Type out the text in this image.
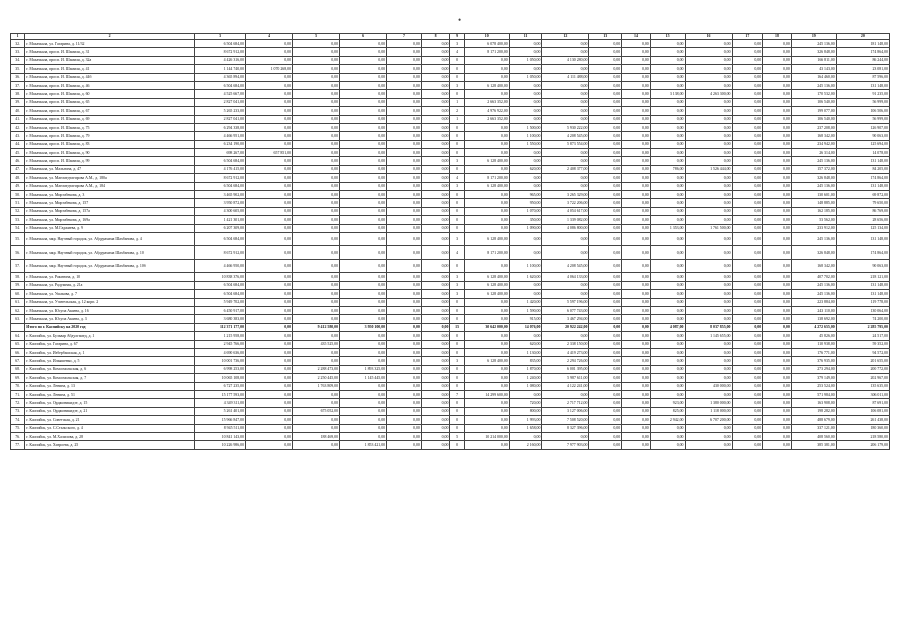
•
1	2	3	4	5	6	7	8	9	10	11	12	13	14	15	16	17	18	19	20
32.	г. Махачкала, ул. Гагарина, д. 11/32	6 504 684,00	0,00	0,00	0,00	0,00	0,00	3	6 078 400,00	0,00	0,00	0,00	0,00	0,00	0,00	0,00	0,00	245 136,00	181 148,00
33.	г. Махачкала, просп. И. Шамиля, д. 31	8 672 912,00	0,00	0,00	0,00	0,00	0,00	4	8 171 200,00	0,00	0,00	0,00	0,00	0,00	0,00	0,00	0,00	326 848,00	174 864,00
34.	г. Махачкала, просп. И. Шамиля, д. 32а	4 426 316,00	0,00	0,00	0,00	0,00	0,00	0	0,00	1 050,00	4 130 280,00	0,00	0,00	0,00	0,00	0,00	0,00	166 811,00	86 244,00
35.	г. Махачкала, просп. И. Шамиля, д. 41	1 144 740,00	1 070 268,00	0,00	0,00	0,00	0,00	0	0,00	0,00	0,00	0,00	0,00	0,00	0,00	0,00	0,00	43 143,00	23 081,00
36.	г. Махачкала, просп. И. Шамиля, д. 44б	4 365 894,00	0,00	0,00	0,00	0,00	0,00	0	0,00	1 050,00	4 111 488,00	0,00	0,00	0,00	0,00	0,00	0,00	164 460,00	87 596,00
37.	г. Махачкала, просп. И. Шамиля, д. 46	6 504 684,00	0,00	0,00	0,00	0,00	0,00	3	6 128 400,00	0,00	0,00	0,00	0,00	0,00	0,00	0,00	0,00	245 136,00	131 148,00
38.	г. Махачкала, просп. И. Шамиля, д. 60	4 525 667,00	0,00	0,00	0,00	0,00	0,00	0	0,00	0,00	0,00	0,00	0,00	3 138,00	4 263 300,00	0,00	0,00	170 532,00	91 235,00
39.	г. Махачкала, просп. И. Шамиля, д. 65	2 827 041,00	0,00	0,00	0,00	0,00	0,00	1	2 663 352,00	0,00	0,00	0,00	0,00	0,00	0,00	0,00	0,00	106 540,00	56 999,00
40.	г. Махачкала, просп. И. Шамиля, д. 67	5 265 233,00	0,00	0,00	0,00	0,00	0,00	2	4 976 922,00	0,00	0,00	0,00	0,00	0,00	0,00	0,00	0,00	199 077,00	106 506,00
41.	г. Махачкала, просп. И. Шамиля, д. 69	2 827 041,00	0,00	0,00	0,00	0,00	0,00	1	2 663 352,00	0,00	0,00	0,00	0,00	0,00	0,00	0,00	0,00	106 540,00	56 999,00
42.	г. Махачкала, просп. И. Шамиля, д. 75	6 294 338,00	0,00	0,00	0,00	0,00	0,00	0	0,00	1 500,00	5 930 222,00	0,00	0,00	0,00	0,00	0,00	0,00	237 208,00	126 907,00
43.	г. Махачкала, просп. И. Шамиля, д. 79	4 466 951,00	0,00	0,00	0,00	0,00	0,00	0	0,00	1 100,00	4 208 545,00	0,00	0,00	0,00	0,00	0,00	0,00	168 342,00	90 063,00
44.	г. Махачкала, просп. И. Шамиля, д. 83	6 234 190,00	0,00	0,00	0,00	0,00	0,00	0	0,00	1 550,00	5 873 554,00	0,00	0,00	0,00	0,00	0,00	0,00	234 942,00	125 694,00
45.	г. Махачкала, просп. И. Шамиля, д. 90	698 267,00	657 851,00	0,00	0,00	0,00	0,00	0	0,00	0,00	0,00	0,00	0,00	0,00	0,00	0,00	0,00	26 314,00	14 078,00
46.	г. Махачкала, просп. И. Шамиля, д. 99	6 504 684,00	0,00	0,00	0,00	0,00	0,00	3	6 128 400,00	0,00	0,00	0,00	0,00	0,00	0,00	0,00	0,00	245 136,00	131 148,00
47.	г. Махачкала, ул. Мальгина, д. 47	4 176 415,00	0,00	0,00	0,00	0,00	0,00	0	0,00	620,00	2 408 377,00	0,00	0,00	786,00	1 526 444,00	0,00	0,00	157 372,00	84 205,00
48.	г. Махачкала, ул. Магомедтагирова А.М., д. 180а	8 672 912,00	0,00	0,00	0,00	0,00	0,00	4	8 171 200,00	0,00	0,00	0,00	0,00	0,00	0,00	0,00	0,00	326 848,00	174 864,00
49.	г. Махачкала, ул. Магомедтагирова А.М., д. 184	6 504 684,00	0,00	0,00	0,00	0,00	0,00	3	6 128 400,00	0,00	0,00	0,00	0,00	0,00	0,00	0,00	0,00	245 136,00	131 148,00
50.	г. Махачкала, ул. Мирзабекова, д. 3	3 465 902,00	0,00	0,00	0,00	0,00	0,00	0	0,00	965,00	3 265 329,00	0,00	0,00	0,00	0,00	0,00	0,00	130 601,00	69 872,00
51.	г. Махачкала, ул. Мирзабекова, д. 157	3 950 872,00	0,00	0,00	0,00	0,00	0,00	0	0,00	950,00	3 722 206,00	0,00	0,00	0,00	0,00	0,00	0,00	148 885,00	79 650,00
52.	г. Махачкала, ул. Мирзабекова, д. 157а	4 300 605,00	0,00	0,00	0,00	0,00	0,00	0	0,00	1 070,00	4 054 617,00	0,00	0,00	0,00	0,00	0,00	0,00	162 185,00	86 769,00
53.	г. Махачкала, ул. Мирзабекова, д. 169а	1 421 301,00	0,00	0,00	0,00	0,00	0,00	0	0,00	350,00	1 339 082,00	0,00	0,00	0,00	0,00	0,00	0,00	53 562,00	28 656,00
54.	г. Махачкала, ул. М.Гаджиева, д. 9	6 207 309,00	0,00	0,00	0,00	0,00	0,00	0	0,00	1 090,00	4 086 800,00	0,00	0,00	1 353,00	1 761 500,00	0,00	0,00	233 912,00	125 134,00
55.	г. Махачкала, мкр. Научный городок, ул. Абдурахима Шахбанова, д. 4	6 504 684,00	0,00	0,00	0,00	0,00	0,00	3	6 128 400,00	0,00	0,00	0,00	0,00	0,00	0,00	0,00	0,00	245 136,00	131 148,00
56.	г. Махачкала, мкр. Научный городок, ул. Абдурахима Шахбанова, д. 10	8 672 912,00	0,00	0,00	0,00	0,00	0,00	4	8 171 200,00	0,00	0,00	0,00	0,00	0,00	0,00	0,00	0,00	326 848,00	174 864,00
57.	г. Махачкала, мкр. Научный городок, ул. Абдурахима Шахбанова, д. 10б	4 466 950,00	0,00	0,00	0,00	0,00	0,00	0	0,00	1 100,00	4 208 545,00	0,00	0,00	0,00	0,00	0,00	0,00	168 342,00	90 063,00
58.	г. Махачкала, ул. Ракитина, д. 10	10 838 376,00	0,00	0,00	0,00	0,00	0,00	3	6 128 400,00	1 620,00	4 064 133,00	0,00	0,00	0,00	0,00	0,00	0,00	407 702,00	218 121,00
59.	г. Махачкала, ул. Радужная, д. 21а	6 504 684,00	0,00	0,00	0,00	0,00	0,00	3	6 128 400,00	0,00	0,00	0,00	0,00	0,00	0,00	0,00	0,00	245 136,00	131 148,00
60.	г. Махачкала, ул. Ушакова, д. 7	6 504 684,00	0,00	0,00	0,00	0,00	0,00	3	6 128 400,00	0,00	0,00	0,00	0,00	0,00	0,00	0,00	0,00	245 136,00	131 148,00
61.	г. Махачкала, ул. Учительская, д. 12 корп. 2	5 949 702,00	0,00	0,00	0,00	0,00	0,00	0	0,00	1 420,00	5 597 196,00	0,00	0,00	0,00	0,00	0,00	0,00	223 884,00	119 778,00
62.	г. Махачкала, ул. Юсупа Акаева, д. 16	6 450 917,00	0,00	0,00	0,00	0,00	0,00	0	0,00	1 590,00	6 077 743,00	0,00	0,00	0,00	0,00	0,00	0,00	243 110,00	130 064,00
63.	г. Махачкала, ул. Юсупа Акаева, д. 3	3 680 383,00	0,00	0,00	0,00	0,00	0,00	0	0,00	915,00	3 467 294,00	0,00	0,00	0,00	0,00	0,00	0,00	138 692,00	74 200,00
	Итого по г. Каспийску на 2020 год	112 371 177,00	0,00	9 412 580,00	3 950 100,00	0,00	0,00	15	30 642 000,00	14 076,00	20 922 242,00	0,00	0,00	4 087,00	8 037 855,00	0,00	0,00	4 272 655,00	2 285 795,00
64.	г. Каспийск, ул. Бульвар Абдулгамед, д. 1	1 215 958,00	0,00	0,00	0,00	0,00	0,00	0	0,00	0,00	0,00	0,00	0,00	0,00	1 145 655,00	0,00	0,00	45 826,00	24 517,00
65.	г. Каспийск, ул. Гагарина, д. 67	2 945 766,00	0,00	435 525,00	0,00	0,00	0,00	0	0,00	620,00	2 338 150,00	0,00	0,00	0,00	0,00	0,00	0,00	110 938,00	59 352,00
66.	г. Каспийск, ул. Избербашская, д. 1	4 690 636,00	0,00	0,00	0,00	0,00	0,00	0	0,00	1 130,00	4 419 273,00	0,00	0,00	0,00	0,00	0,00	0,00	176 771,00	94 572,00
67.	г. Каспийск, ул. Ильяшенко, д. 5	10 001 736,00	0,00	0,00	0,00	0,00	0,00	3	6 128 400,00	835,00	2 294 726,00	0,00	0,00	0,00	0,00	0,00	0,00	376 935,00	201 655,00
68.	г. Каспийск, ул. Комсомольская, д. 6	6 998 253,00	0,00	2 288 473,00	1 893 325,00	0,00	0,00	0	0,00	1 870,00	6 001 395,00	0,00	0,00	0,00	0,00	0,00	0,00	273 294,00	200 772,00
69.	г. Каспийск, ул. Комсомольская, д. 7	10 065 108,00	0,00	2 250 445,00	1 145 445,00	0,00	0,00	0	0,00	1 240,00	5 987 611,00	0,00	0,00	0,00	0,00	0,00	0,00	379 149,00	202 967,00
70.	г. Каспийск, ул. Ленина, д. 13	6 727 235,00	0,00	1 763 809,00	0,00	0,00	0,00	0	0,00	1 080,00	4 122 241,00	0,00	0,00	0,00	430 000,00	0,00	0,00	253 524,00	135 635,00
71.	г. Каспийск, ул. Ленина, д. 51	15 177 593,00	0,00	0,00	0,00	0,00	0,00	7	14 299 600,00	0,00	0,00	0,00	0,00	0,00	0,00	0,00	0,00	571 984,00	306 011,00
72.	г. Каспийск, ул. Орджоникидзе, д. 15	4 349 311,00	0,00	0,00	0,00	0,00	0,00	0	0,00	720,00	2 717 712,00	0,00	0,00	923,00	1 380 000,00	0,00	0,00	163 908,00	87 691,00
73.	г. Каспийск, ул. Орджоникидзе, д. 21	5 261 401,00	0,00	675 052,00	0,00	0,00	0,00	0	0,00	800,00	3 127 006,00	0,00	0,00	825,00	1 118 000,00	0,00	0,00	198 282,00	106 081,00
74.	г. Каспийск, ул. Советская, д. 21	15 966 847,00	0,00	0,00	0,00	0,00	0,00	0	0,00	1 993,00	7 508 520,00	0,00	0,00	2 942,00	6 707 200,00	0,00	0,00	488 679,00	261 438,00
75.	г. Каспийск, ул. С.Стальского, д. 4	8 945 511,00	0,00	0,00	0,00	0,00	0,00	0	0,00	1 658,00	8 327 396,00	0,00	0,00	0,00	0,00	0,00	0,00	337 121,00	180 360,00
76.	г. Каспийск, ул. М.Халилова, д. 28	10 841 143,00	0,00	188 469,00	0,00	0,00	0,00	5	10 214 000,00	0,00	0,00	0,00	0,00	0,00	0,00	0,00	0,00	408 560,00	218 580,00
77.	г. Каспийск, ул. Хизроева, д. 25	10 226 986,00	0,00	0,00	1 853 421,00	0,00	0,00	0	0,00	2 160,00	7 977 903,00	0,00	0,00	0,00	0,00	0,00	0,00	385 381,00	206 179,00
